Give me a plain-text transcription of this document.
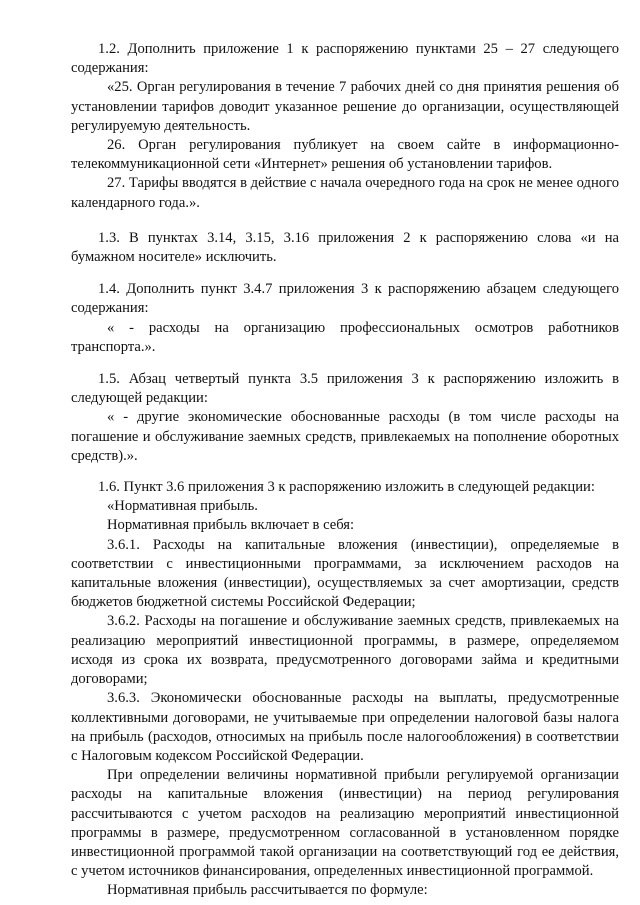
1.2. Дополнить приложение 1 к распоряжению пунктами 25 – 27 следующего содержания:

«25. Орган регулирования в течение 7 рабочих дней со дня принятия решения об установлении тарифов доводит указанное решение до организации, осуществляющей регулируемую деятельность.

26. Орган регулирования публикует на своем сайте в информационно-телекоммуникационной сети «Интернет» решения об установлении тарифов.

27. Тарифы вводятся в действие с начала очередного года на срок не менее одного календарного года.».

1.3. В пунктах 3.14, 3.15, 3.16 приложения 2 к распоряжению слова «и на бумажном носителе» исключить.

1.4. Дополнить пункт 3.4.7 приложения 3 к распоряжению абзацем следующего содержания:

« - расходы на организацию профессиональных осмотров работников транспорта.».

1.5. Абзац четвертый пункта 3.5 приложения 3 к распоряжению изложить в следующей редакции:

« - другие экономические обоснованные расходы (в том числе расходы на погашение и обслуживание заемных средств, привлекаемых на пополнение оборотных средств).».

1.6. Пункт 3.6 приложения 3 к распоряжению изложить в следующей редакции:

«Нормативная прибыль.

Нормативная прибыль включает в себя:

3.6.1. Расходы на капитальные вложения (инвестиции), определяемые в соответствии с инвестиционными программами, за исключением расходов на капитальные вложения (инвестиции), осуществляемых за счет амортизации, средств бюджетов бюджетной системы Российской Федерации;

3.6.2. Расходы на погашение и обслуживание заемных средств, привлекаемых на реализацию мероприятий инвестиционной программы, в размере, определяемом исходя из срока их возврата, предусмотренного договорами займа и кредитными договорами;

3.6.3. Экономически обоснованные расходы на выплаты, предусмотренные коллективными договорами, не учитываемые при определении налоговой базы налога на прибыль (расходов, относимых на прибыль после налогообложения) в соответствии с Налоговым кодексом Российской Федерации.

При определении величины нормативной прибыли регулируемой организации расходы на капитальные вложения (инвестиции) на период регулирования рассчитываются с учетом расходов на реализацию мероприятий инвестиционной программы в размере, предусмотренном согласованной в установленном порядке инвестиционной программой такой организации на соответствующий год ее действия, с учетом источников финансирования, определенных инвестиционной программой.

Нормативная прибыль рассчитывается по формуле:
